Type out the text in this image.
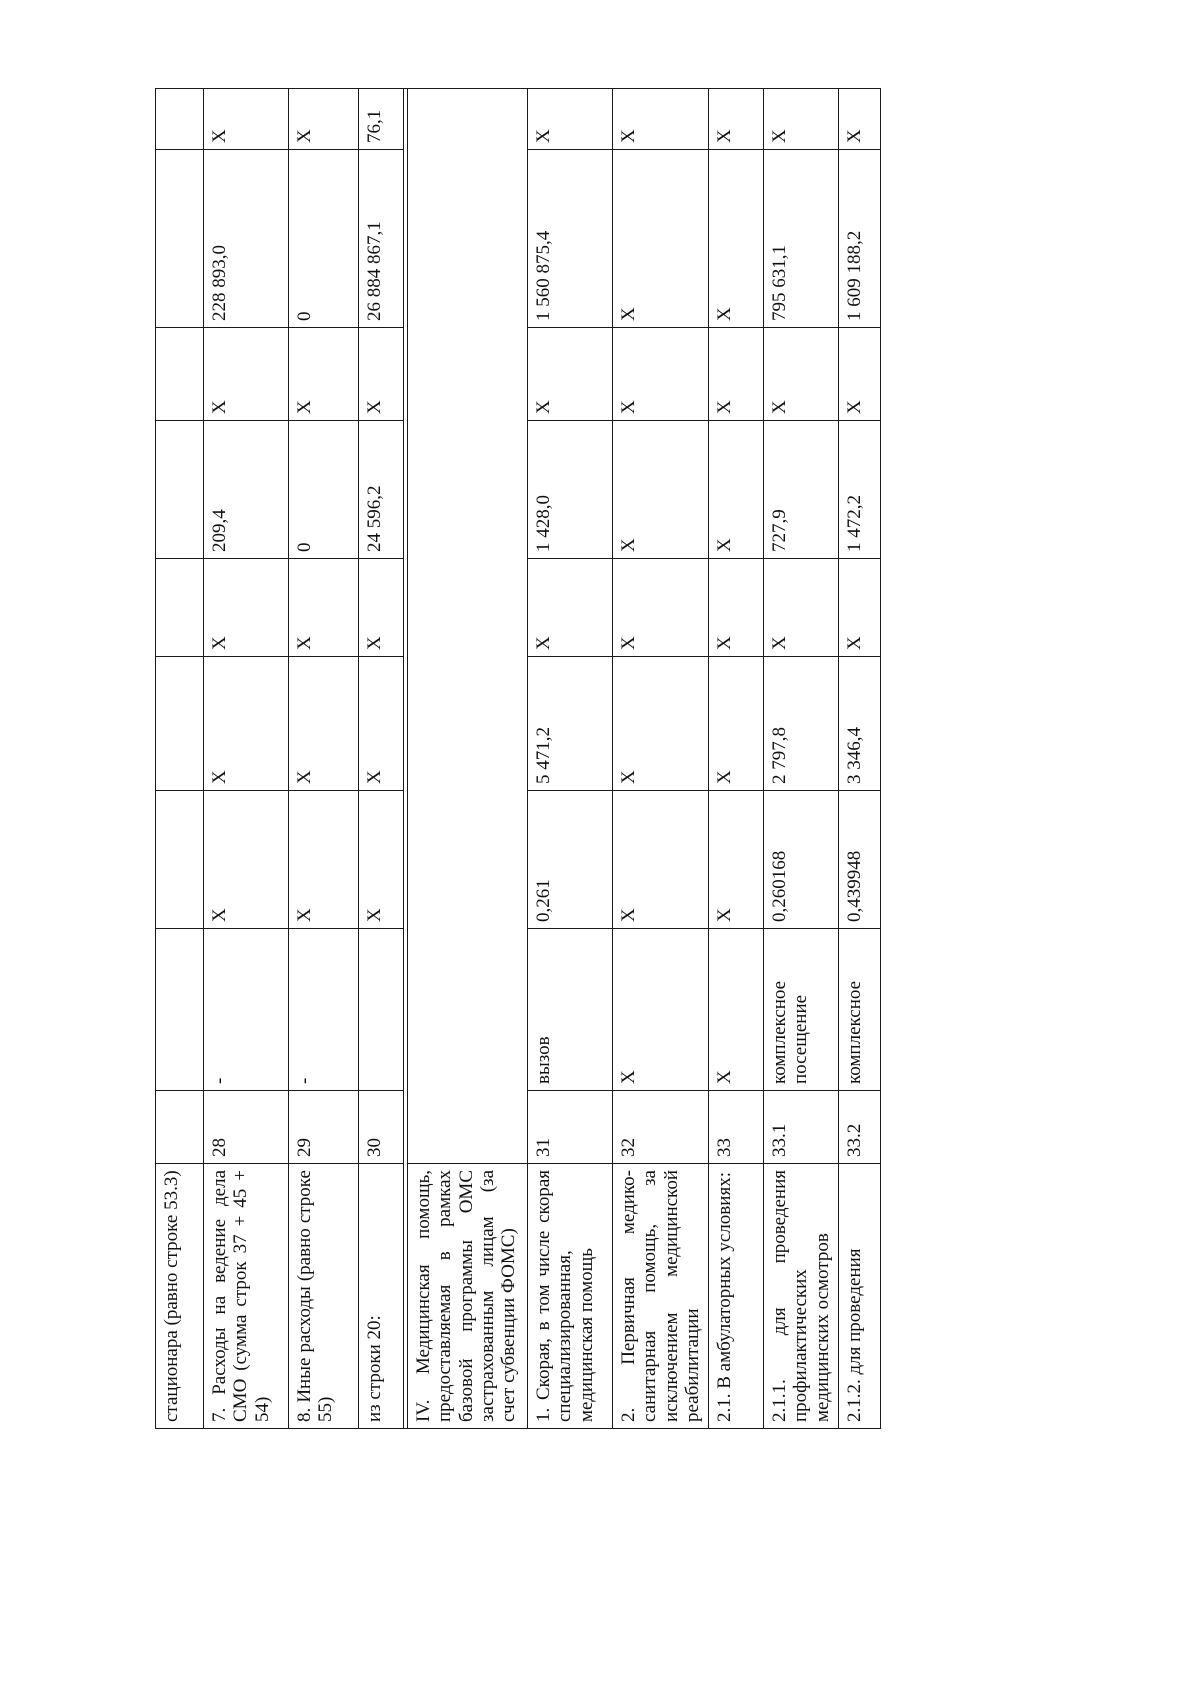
стационара (равно строке 53.3)									
7. Расходы на ведение дела СМО (сумма строк 37 + 45 + 54)	28	-	X	X	X	209,4	X	228 893,0	X
8. Иные расходы (равно строке 55)	29	-	X	X	X	0	X	0	X
из строки 20:	30		X	X	X	24 596,2	X	26 884 867,1	76,1

IV. Медицинская помощь, предоставляемая в рамках базовой программы ОМС застрахованным лицам (за счет субвенции ФОМС)									
1. Скорая, в том числе скорая специализированная, медицинская помощь	31	вызов	0,261	5 471,2	X	1 428,0	X	1 560 875,4	X
2. Первичная медико-санитарная помощь, за исключением медицинской реабилитации	32	X	X	X	X	X	X	X	X
2.1. В амбулаторных условиях:	33	X	X	X	X	X	X	X	X
2.1.1. для проведения профилактических медицинских осмотров	33.1	комплексное посещение	0,260168	2 797,8	X	727,9	X	795 631,1	X
2.1.2. для проведения	33.2	комплексное	0,439948	3 346,4	X	1 472,2	X	1 609 188,2	X
